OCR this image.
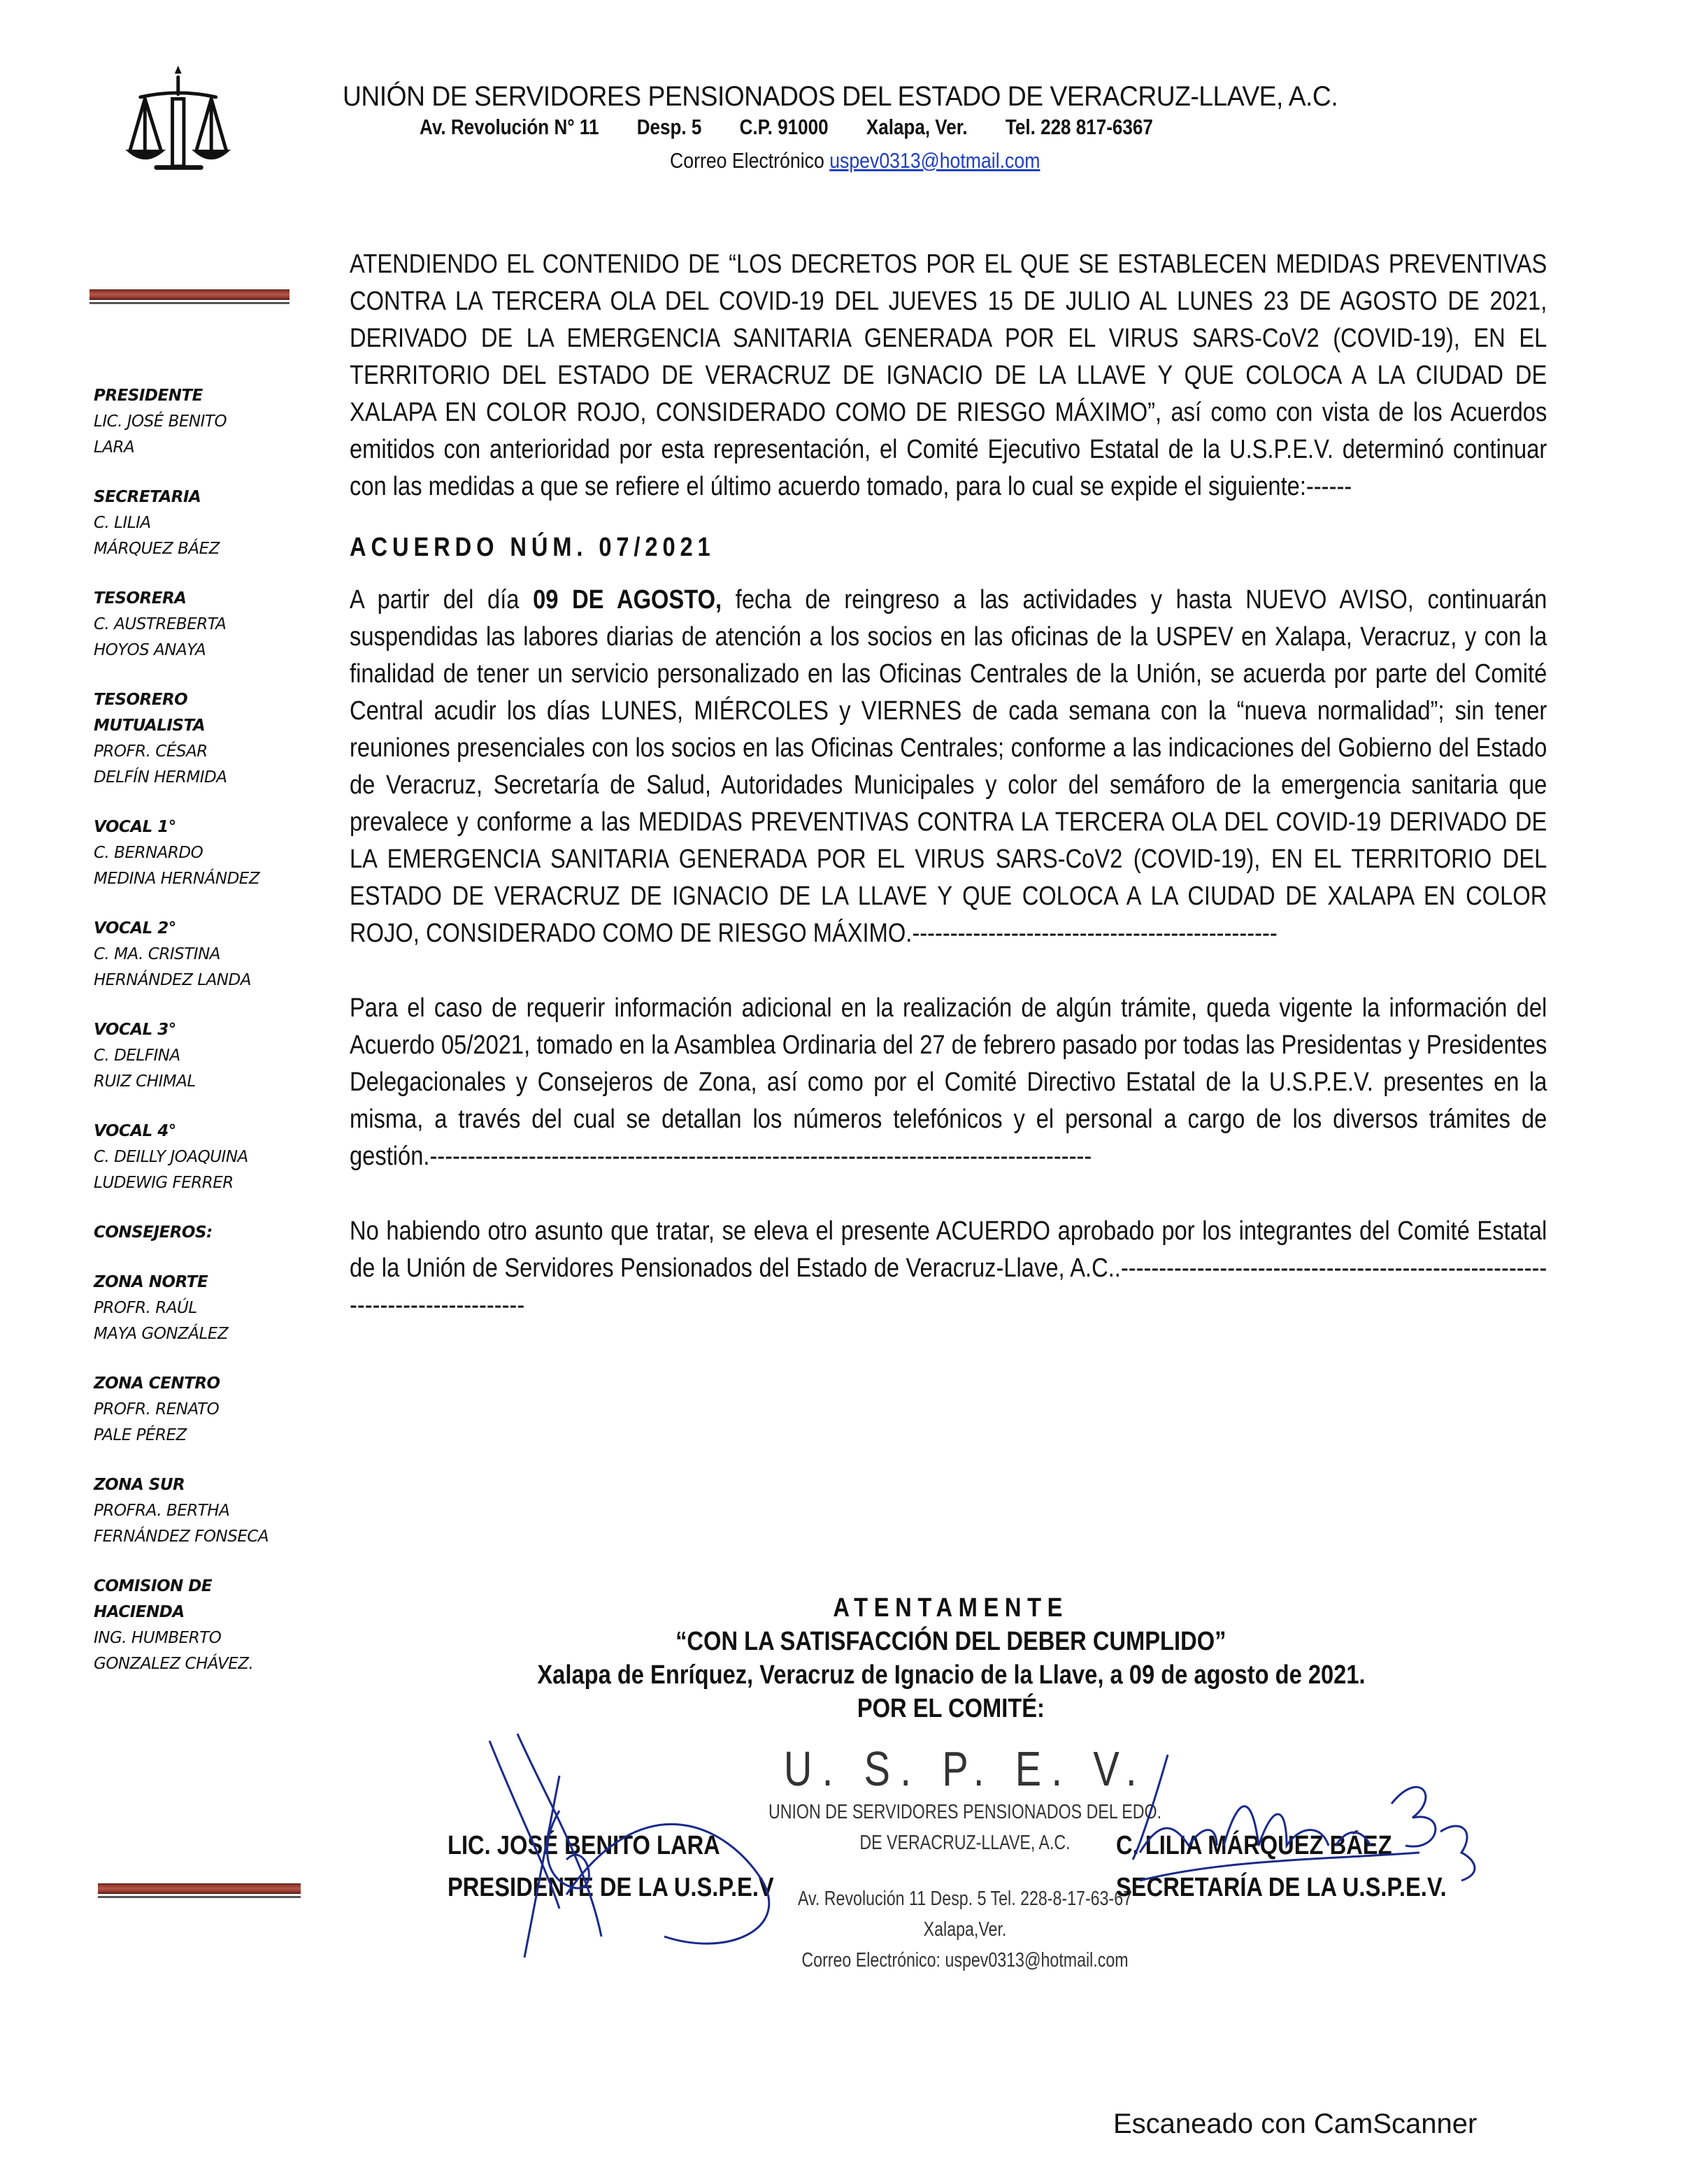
UNIÓN DE SERVIDORES PENSIONADOS DEL ESTADO DE VERACRUZ-LLAVE, A.C.
Av. Revolución N° 11 Desp. 5 C.P. 91000 Xalapa, Ver. Tel. 228 817-6367
Correo Electrónico uspev0313@hotmail.com
PRESIDENTE
LIC. JOSÉ BENITO
LARA
SECRETARIA
C. LILIA
MÁRQUEZ BÁEZ
TESORERA
C. AUSTREBERTA
HOYOS ANAYA
TESORERO MUTUALISTA
PROFR. CÉSAR
DELFÍN HERMIDA
VOCAL 1°
C. BERNARDO
MEDINA HERNÁNDEZ
VOCAL 2°
C. MA. CRISTINA
HERNÁNDEZ LANDA
VOCAL 3°
C. DELFINA
RUIZ CHIMAL
VOCAL 4°
C. DEILLY JOAQUINA
LUDEWIG FERRER
CONSEJEROS:
ZONA NORTE
PROFR. RAÚL
MAYA GONZÁLEZ
ZONA CENTRO
PROFR. RENATO
PALE PÉREZ
ZONA SUR
PROFRA. BERTHA
FERNÁNDEZ FONSECA
COMISION DE HACIENDA
ING. HUMBERTO
GONZALEZ CHÁVEZ.

ATENDIENDO EL CONTENIDO DE “LOS DECRETOS POR EL QUE SE ESTABLECEN MEDIDAS PREVENTIVAS CONTRA LA TERCERA OLA DEL COVID-19 DEL JUEVES 15 DE JULIO AL LUNES 23 DE AGOSTO DE 2021, DERIVADO DE LA EMERGENCIA SANITARIA GENERADA POR EL VIRUS SARS-CoV2 (COVID-19), EN EL TERRITORIO DEL ESTADO DE VERACRUZ DE IGNACIO DE LA LLAVE Y QUE COLOCA A LA CIUDAD DE XALAPA EN COLOR ROJO, CONSIDERADO COMO DE RIESGO MÁXIMO”, así como con vista de los Acuerdos emitidos con anterioridad por esta representación, el Comité Ejecutivo Estatal de la U.S.P.E.V. determinó continuar con las medidas a que se refiere el último acuerdo tomado, para lo cual se expide el siguiente:------

ACUERDO NÚM. 07/2021

A partir del día 09 DE AGOSTO, fecha de reingreso a las actividades y hasta NUEVO AVISO, continuarán suspendidas las labores diarias de atención a los socios en las oficinas de la USPEV en Xalapa, Veracruz, y con la finalidad de tener un servicio personalizado en las Oficinas Centrales de la Unión, se acuerda por parte del Comité Central acudir los días LUNES, MIÉRCOLES y VIERNES de cada semana con la “nueva normalidad”; sin tener reuniones presenciales con los socios en las Oficinas Centrales; conforme a las indicaciones del Gobierno del Estado de Veracruz, Secretaría de Salud, Autoridades Municipales y color del semáforo de la emergencia sanitaria que prevalece y conforme a las MEDIDAS PREVENTIVAS CONTRA LA TERCERA OLA DEL COVID-19 DERIVADO DE LA EMERGENCIA SANITARIA GENERADA POR EL VIRUS SARS-CoV2 (COVID-19), EN EL TERRITORIO DEL ESTADO DE VERACRUZ DE IGNACIO DE LA LLAVE Y QUE COLOCA A LA CIUDAD DE XALAPA EN COLOR ROJO, CONSIDERADO COMO DE RIESGO MÁXIMO.------------------------------------------------

Para el caso de requerir información adicional en la realización de algún trámite, queda vigente la información del Acuerdo 05/2021, tomado en la Asamblea Ordinaria del 27 de febrero pasado por todas las Presidentas y Presidentes Delegacionales y Consejeros de Zona, así como por el Comité Directivo Estatal de la U.S.P.E.V. presentes en la misma, a través del cual se detallan los números telefónicos y el personal a cargo de los diversos trámites de gestión.---------------------------------------------------------------------------------------

No habiendo otro asunto que tratar, se eleva el presente ACUERDO aprobado por los integrantes del Comité Estatal de la Unión de Servidores Pensionados del Estado de Veracruz-Llave, A.C..-------------------------------------------------------------------------------

ATENTAMENTE
“CON LA SATISFACCIÓN DEL DEBER CUMPLIDO”
Xalapa de Enríquez, Veracruz de Ignacio de la Llave, a 09 de agosto de 2021.
POR EL COMITÉ:
U. S. P. E. V.
UNION DE SERVIDORES PENSIONADOS DEL EDO.
DE VERACRUZ-LLAVE, A.C.
Av. Revolución 11 Desp. 5 Tel. 228-8-17-63-67
Xalapa,Ver.
Correo Electrónico: uspev0313@hotmail.com
LIC. JOSÉ BENITO LARA
PRESIDENTE DE LA U.S.P.E.V
C. LILIA MÁRQUEZ BÁEZ
SECRETARÍA DE LA U.S.P.E.V.
Escaneado con CamScanner
